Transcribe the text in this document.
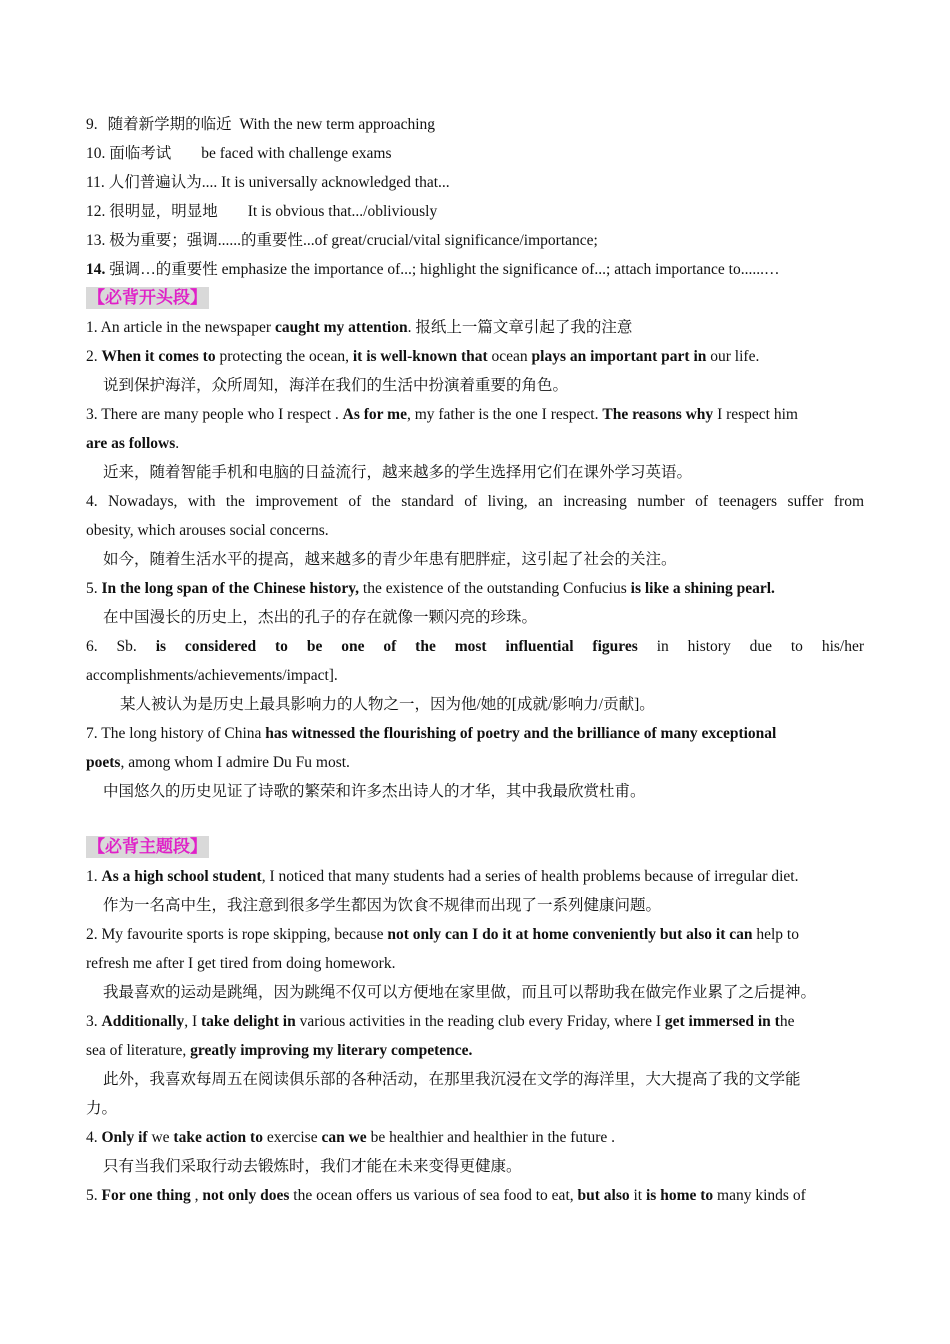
9. 随着新学期的临近 With the new term approaching
10. 面临考试 be faced with challenge exams
11. 人们普遍认为.... It is universally acknowledged that...
12. 很明显，明显地 It is obvious that.../obliviously
13. 极为重要；强调......的重要性...of great/crucial/vital significance/importance;
14. 强调…的重要性 emphasize the importance of...; highlight the significance of...; attach importance to......…
【必背开头段】
1. An article in the newspaper caught my attention. 报纸上一篇文章引起了我的注意
2. When it comes to protecting the ocean, it is well-known that ocean plays an important part in our life.
说到保护海洋，众所周知，海洋在我们的生活中扮演着重要的角色。
3. There are many people who I respect . As for me, my father is the one I respect. The reasons why I respect him
are as follows.
近来，随着智能手机和电脑的日益流行，越来越多的学生选择用它们在课外学习英语。
4. Nowadays, with the improvement of the standard of living, an increasing number of teenagers suffer from
obesity, which arouses social concerns.
如今，随着生活水平的提高，越来越多的青少年患有肥胖症，这引起了社会的关注。
5. In the long span of the Chinese history, the existence of the outstanding Confucius is like a shining pearl.
在中国漫长的历史上，杰出的孔子的存在就像一颗闪亮的珍珠。
6. Sb. is considered to be one of the most influential figures in history due to his/her
accomplishments/achievements/impact].
某人被认为是历史上最具影响力的人物之一，因为他/她的[成就/影响力/贡献]。
7. The long history of China has witnessed the flourishing of poetry and the brilliance of many exceptional
poets, among whom I admire Du Fu most.
中国悠久的历史见证了诗歌的繁荣和许多杰出诗人的才华，其中我最欣赏杜甫。
【必背主题段】
1. As a high school student, I noticed that many students had a series of health problems because of irregular diet.
作为一名高中生，我注意到很多学生都因为饮食不规律而出现了一系列健康问题。
2. My favourite sports is rope skipping, because not only can I do it at home conveniently but also it can help to
refresh me after I get tired from doing homework.
我最喜欢的运动是跳绳，因为跳绳不仅可以方便地在家里做，而且可以帮助我在做完作业累了之后提神。
3. Additionally, I take delight in various activities in the reading club every Friday, where I get immersed in the
sea of literature, greatly improving my literary competence.
此外，我喜欢每周五在阅读俱乐部的各种活动，在那里我沉浸在文学的海洋里，大大提高了我的文学能
力。
4. Only if we take action to exercise can we be healthier and healthier in the future .
只有当我们采取行动去锻炼时，我们才能在未来变得更健康。
5. For one thing , not only does the ocean offers us various of sea food to eat, but also it is home to many kinds of
